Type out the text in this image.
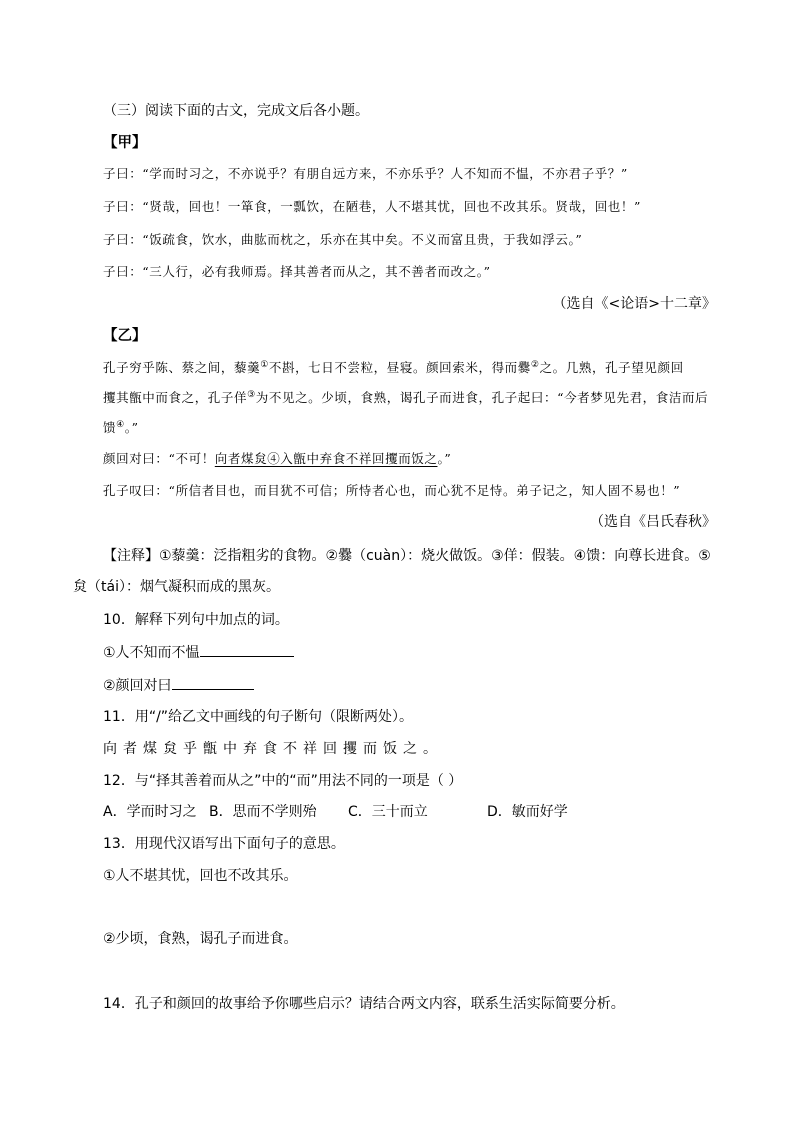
（三）阅读下面的古文，完成文后各小题。
【甲】
子曰：“学而时习之，不亦说乎？有朋自远方来，不亦乐乎？人不知而不愠，不亦君子乎？”
子曰：“贤哉，回也！一箪食，一瓢饮，在陋巷，人不堪其忧，回也不改其乐。贤哉，回也！”
子曰：“饭疏食，饮水，曲肱而枕之，乐亦在其中矣。不义而富且贵，于我如浮云。”
子曰：“三人行，必有我师焉。择其善者而从之，其不善者而改之。”
（选自《<论语>十二章》
【乙】
孔子穷乎陈、蔡之间，藜羹①不斟，七日不尝粒，昼寝。颜回索米，得而爨②之。几熟，孔子望见颜回
攫其甑中而食之，孔子佯③为不见之。少顷，食熟，谒孔子而进食，孔子起曰：“今者梦见先君，食洁而后
馈④。”
颜回对曰：“不可！向者煤炱④入甑中弃食不祥回攫而饭之。”
孔子叹曰：“所信者目也，而目犹不可信；所恃者心也，而心犹不足恃。弟子记之，知人固不易也！”
（选自《吕氏春秋》
【注释】①藜羹：泛指粗劣的食物。②爨（cuàn）：烧火做饭。③佯：假装。④馈：向尊长进食。⑤
炱（tái）：烟气凝积而成的黑灰。
10．解释下列句中加点的词。
①人不知而不愠
②颜回对曰
11．用“/”给乙文中画线的句子断句（限断两处）。
向者煤炱乎甑中弃食不祥回攫而饭之。
12．与“择其善着而从之”中的“而”用法不同的一项是（ ）
A．学而时习之 B．思而不学则殆 C．三十而立	D．敏而好学
13．用现代汉语写出下面句子的意思。
①人不堪其忧，回也不改其乐。
②少顷，食熟，谒孔子而进食。
14．孔子和颜回的故事给予你哪些启示？请结合两文内容，联系生活实际简要分析。
